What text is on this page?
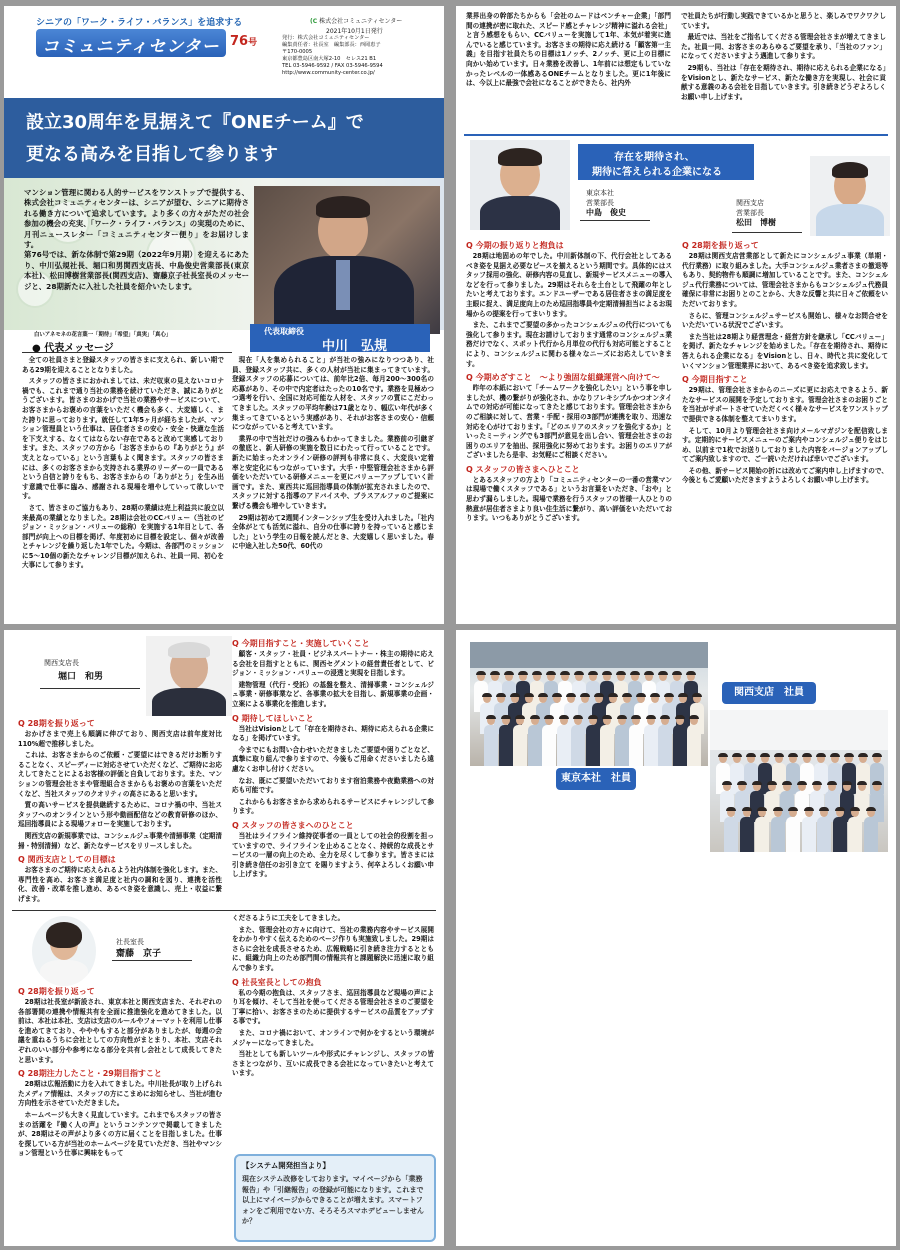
シニアの「ワーク・ライフ・バランス」を追求する
コミュニティセンター便り
76号
(C 株式会社コミュニティセンター
2021年10月1日発行
発行：株式会社コミュニティセンター
編集責任者：社長室　編集部長：西岡恵子
〒170-0005
東京都豊島区南大塚2-10　セレス21 B1
TEL 03-5946-9592 / FAX 03-5946-9594
http://www.community-center.co.jp/
設立30周年を見据えて『ONEチーム』で
更なる高みを目指して参ります
マンション管理に関わる人的サービスをワンストップで提供する、株式会社コミュニティセンターは、シニアが望む、シニアに期待される働き方について追求しています。より多くの方々がただの社会参加の機会の充実、「ワーク・ライフ・バランス」の実現のために、月刊ニュースレター「コミュニティセンター便り」をお届けします。
第76号では、新な体制で第29期（2022年9月期）を迎えるにあたり、中川弘規社長、堀口和男関西支店長、中島俊史営業部長(東京本社)、松田博樹営業部長(関西支店)、齋藤京子社長室長のメッセージと、28期新たに入社した社員を紹介いたします。
白いアネモネの花言葉一「期待」「希望」「真実」「真心」	代表取締役
中川　弘規
● 代表メッセージ

全ての社員さまと登録スタッフの皆さまに支えられ、新しい期である29期を迎えることとなりました。

スタッフの皆さまにおかれましては、未だ収束の見えないコロナ禍でも、これまで通り当社の業務を続けていただき、誠にありがとうございます。皆さまのおかげで当社の業務やサービスについて、お客さまからお褒めの言葉をいただく機会も多く、大変嬉しく、また誇りに思っております。就任して1年5ヶ月が経ちましたが、マンション管理員という仕事は、居住者さまの安心・安全・快適な生活を下支えする、なくてはならない存在であると改めて実感しております。また、スタッフの方から「お客さまからの『ありがとう』が支えとなっている」という言葉もよく聞きます。スタッフの皆さまには、多くのお客さまから支持される業界のリーダーの一員であるという自信と誇りをもち、お客さまからの「ありがとう」を生み出す意識で仕事に臨み、感謝される現場を増やしていって欲しいです。

さて、皆さまのご協力もあり、28期の業績は売上利益共に設立以来最高の業績となりました。28期は会社のCCバリュー（当社のビジョン・ミッション・バリューの総称）を実施する1年目として、各部門が向上への目標を掲げ、年度初めに目標を設定し、個々が改善とチャレンジを繰り返した1年でした。今期は、各部門のミッションに5～10個の新たなチャレンジ目標が加えられ、社員一同、初心を大事にして参ります。

現在「人を集められること」が当社の強みになりつつあり、社員、登録スタッフ共に、多くの人材が当社に集まってきています。登録スタッフの応募については、前年比2倍、毎月200～300名の応募があり、その中で内定者はたったの10名です。業務を見極めつつ選考を行い、全国に対応可能な人材を、スタッフの質にこだわってきました。スタッフの平均年齢は71歳となり、幅広い年代が多く集まってきているという実感があり、それがお客さまの安心・信頼につながっていると考えています。

業界の中で当社だけの強みもわかってきました。業務前の引継ぎの徹底と、新人研修の実施を数日にわたって行っていることです。新たに始まったオンライン研修の評判も非常に良く、大変良い定着率と安定化にもつながっています。大手・中堅管理会社さまから評価をいただいている研修メニューを更にバリューアップしていく計画です。また、東西共に巡回指導員の体制が拡充されましたので、スタッフに対する指導のアドバイスや、プラスアルファのご提案に繋げる機会も増やしていきます。

29期は初めて2週間インターンシップ生を受け入れました。「社内全体がとても活気に溢れ、自分の仕事に誇りを持っていると感じました」という学生の日報を読んだとき、大変嬉しく思いました。春に中途入社した50代、60代の

業界出身の幹部たちからも「会社のムードはベンチャー企業」「部門間の連携が密に取れた、スピード感とチャレンジ精神に溢れる会社」と言う感想をもらい、CCバリューを実施して1年、本気が着実に進んでいると感じています。お客さまの期待に応え続ける「顧客第一主義」を目指す社員たちの目標は1ノッチ、2ノッチ、更に上の目標に向かい始めています。日々業務を改善し、1年前には想定もしていなかったレベルの一体感あるONEチームとなりました。更に1年後には、今以上に最強で会社になることができたら、社内外

で社員たちが行動し実践できているかと思うと、楽しみでワクワクしています。

最近では、当社をご指名してくださる管理会社さまが増えてきました。社員一同、お客さまのあらゆるご要望を承り、「当社のファン」になってくださいますよう邁進して参ります。

29期も、当社は「存在を期待され、期待に応えられる企業になる」をVisionとし、新たなサービス、新たな働き方を実現し、社会に貢献する意義のある会社を目指していきます。引き続きどうぞよろしくお願い申し上げます。

存在を期待され、
期待に答えられる企業になる
東京本社
営業部長
中島　俊史
関西支店
営業部長
松田　博樹
Q 今期の振り返りと抱負は

28期は地固めの年でした。中川新体制の下、代行会社としてあるべき姿を見据え必要なピースを揃えるという期間です。具体的にはスタッフ採用の強化、研修内容の見直し、新規サービスメニューの導入などを行って参りました。29期はそれらを土台として飛躍の年としたいと考えております。エンドユーザーである居住者さまの満足度を主眼に捉え、満足度向上のため巡回指導員や定期清掃担当によるお現場からの提案を行ってまいります。

また、これまでご要望の多かったコンシェルジュの代行についても強化して参ります。現在お請けしております通常のコンシェルジュ業務だけでなく、スポット代行から月単位の代行も対応可能とすることにより、コンシェルジュに関わる様々なニーズにお応えしていきます。

Q 今期めざすこと　～より強固な組織運営へ向けて～

昨年の本紙において「チームワークを強化したい」という事を申しましたが、機の繋がりが強化され、かなりフレキシブルかつオンタイムでの対応が可能になってきたと感じております。管理会社さまからのご相談に対して、営業・手配・採用の3部門が連携を取り、迅速な対応を心がけております。「どのエリアのスタッフを強化するか」といったミーティングでも3部門が意見を出し合い、管理会社さまのお困りのエリアを抽出、採用強化に努めております。お困りのエリアがございましたら是非、お気軽にご相談ください。

Q スタッフの皆さまへひとこと

とあるスタッフの方より「コミュニティセンターの一番の営業マンは現場で働くスタッフである」というお言葉をいただき、「おや」と思わず漏らしました。現場で業務を行うスタッフの皆様一人ひとりの熱意が居住者さまより良い住生活に繋がり、高い評価をいただいております。いつもありがとうございます。

Q 28期を振り返って

28期は関西支店営業部として新たにコンシェルジュ事業（単期・代行業務）に取り組みました。大手コンシェルジュ業者さまの撤退等もあり、契約物件も順調に増加していることです。また、コンシェルジュ代行業務については、管理会社さまからもコンシェルジュ代務員確保に非常にお困りとのことから、大きな反響と共に日々ご依頼をいただいております。

さらに、管理コンシェルジュサービスも開始し、様々なお問合せをいただいている状況でございます。

また当社は28期より経営理念・経営方針を継承し「CCバリュー」を掲げ、新たなチャレンジを始めました。「存在を期待され、期待に答えられる企業になる」をVisionとし、日々、時代と共に変化していくマンション管理業界において、あるべき姿を追求致します。

Q 今期目指すこと

29期は、管理会社さまからのニーズに更にお応えできるよう、新たなサービスの展開を予定しております。管理会社さまのお困りごとを当社がサポートさせていただくべく様々なサービスをワンストップで提供できる体制を整えてまいります。

そして、10月より管理会社さま向けメールマガジンを配信致します。定期的にサービスメニューのご案内やコンシェルジュ便りをはじめ、以前まで1枚でお送りしておりました内容をバージョンアップしてご案内致しますので、ご一読いただければ幸いでございます。

その他、新サービス開始の折には改めてご案内申し上げますので、今後ともご愛顧いただきますようよろしくお願い申し上げます。

関西支店長
堀口　和男
Q 28期を振り返って

おかげさまで売上も順調に伸びており、関西支店は前年度対比110%超で推移しました。

これは、お客さまからのご依頼・ご要望にはできるだけお断りすることなく、スピーディーに対応させていただくなど、ご期待にお応えしてきたことによるお客様の評価と自負しております。また、マンションの管理会社さまや管理組合さまからもお褒めの言葉をいただくなど、当社スタッフのクオリティの高さにあると思います。

質の高いサービスを提供継続するために、コロナ禍の中、当社スタッフへのオンラインという形や動画配信などの教育研修のほか、巡回指導員による現場フォローを実施しております。

関西支店の新規事業では、コンシェルジュ事業や清掃事業（定期清掃・特別清掃）など、新たなサービスをリリースしました。

Q 関西支店としての目標は

お客さまのご期待に応えられるよう社内体制を強化します。また、専門性を高め、お客さま満足度と社内の調和を図り、連携を活性化、改善・改革を推し進め、あるべき姿を意識し、売上・収益に繋げます。

Q 今期目指すこと・実施していくこと

顧客・スタッフ・社員・ビジネスパートナー・株主の期待に応える会社を目指すとともに、関西セグメントの経営責任者として、ビジョン・ミッション・バリューの浸透と実現を目指します。

建物管理（代行・受託）の基盤を整え、清掃事業・コンシェルジュ事業・研修事業など、各事業の拡大を目指し、新規事業の企画・立案による事業化を推進します。

Q 期待してほしいこと

当社はVisionとして「存在を期待され、期待に応えられる企業になる」を掲げています。

今までにもお問い合わせいただきましたご要望や困りごとなど、真摯に取り組んで参りますので、今後もご用命くださいましたら遠慮なくお申し付けください。

なお、既にご要望いただいております宿泊業務や夜勤業務への対応も可能です。

これからもお客さまから求められるサービスにチャレンジして参ります。

Q スタッフの皆さまへのひとこと

当社はライフライン維持従事者の一員としての社会的役割を担っていますので、ライフラインを止めることなく、持続的な成長とサービスの一層の向上のため、全力を尽くして参ります。皆さまには引き続き信任のお引き立て を賜りますよう、何卒よろしくお願い申し上げます。

社長室長
齋藤　京子
Q 28期を振り返って

28期は社長室が新設され、東京本社と関西支店また、それぞれの各部署間の連携や情報共有を全面に推進強化を進めてきました。以前は、本社は本社、支店は支店のルールやフォーマットを利用し仕事を進めてきており、やややもすると部分がありましたが、毎週の会議を重ねるうちに会社としての方向性がまとまり、本社、支店それぞれのいい部分や参考になる部分を共有し会社として成長してきたと思います。

Q 28期注力したこと・29期目指すこと

28期は広報活動に力を入れてきました。中川社長が取り上げられたメディア情報は、スタッフの方にこまめにお知らせし、当社が進む方向性を示させていただきました。

ホームページも大きく見直しています。これまでもスタッフの皆さまの活躍を『働く人の声』というコンテンツで掲載してきましたが、28期はその声がより多くの方に届くことを目指しました。仕事を探している方が当社のホームページを見ていただき、当社やマンション管理という仕事に興味をもって

くださるように工夫をしてきました。

また、管理会社の方々に向けて、当社の業務内容やサービス展開をわかりやすく伝えるためのページ作りも実施致しました。29期はさらに会社を成長させるため、広報戦略に引き続き注力するとともに、組織力向上のため部門間の情報共有と課題解決に迅速に取り組んで参ります。

Q 社長室長としての抱負

私の今期の抱負は、スタッフさま、巡回指導員など現場の声により耳を傾け、そして当社を使ってくださる管理会社さまのご要望を丁寧に拾い、お客さまのために提供するサービスの品質をアップする事です。

また、コロナ禍において、オンラインで何かをするという環境がメジャーになってきました。

当社としても新しいツールや形式にチャレンジし、スタッフの皆さまとつながり、互いに成長できる会社になっていきたいと考えています。

【システム開発担当より】
現在システム改修をしております。マイページから「業務報告」や「引継報告」の登録が可能になります。これまで以上にマイページからできることが増えます。スマートフォンをご利用でない方、そろそろスマホデビューしませんか？
東京本社　社員
関西支店　社員
